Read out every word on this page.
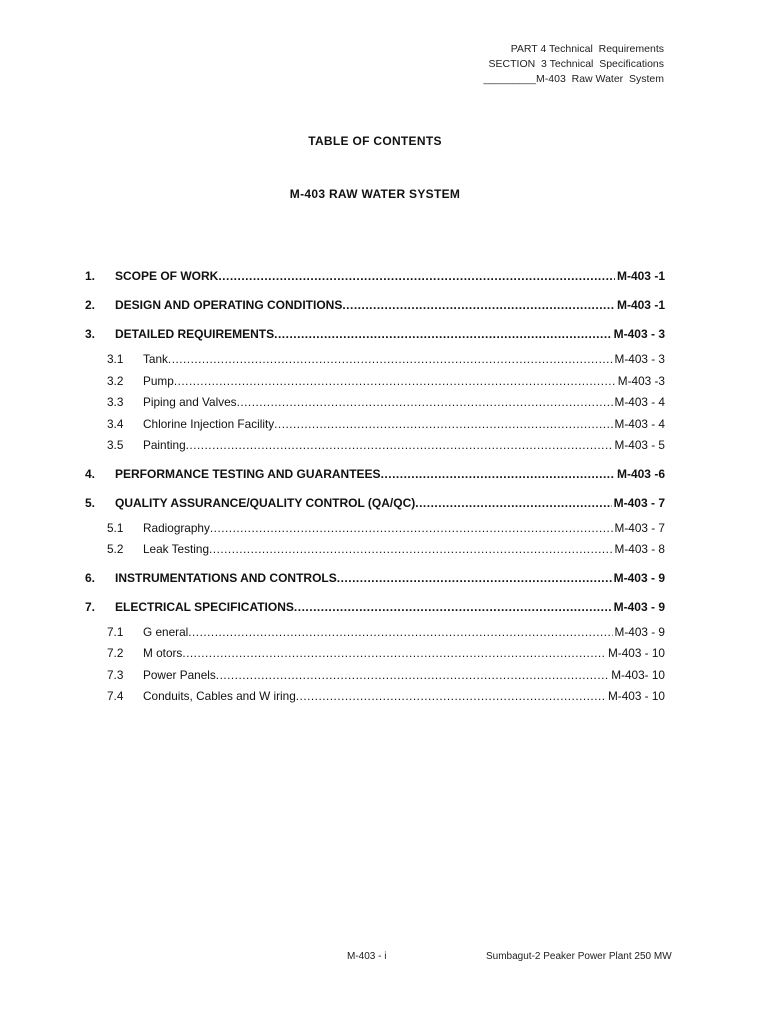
PART 4 Technical  Requirements
SECTION  3 Technical  Specifications
_________M-403  Raw Water  System
TABLE OF CONTENTS
M-403 RAW WATER SYSTEM
1. SCOPE OF WORK .....	M-403 -1
2. DESIGN AND OPERATING CONDITIONS .....	M-403 -1
3. DETAILED REQUIREMENTS .....	M-403 - 3
3.1 Tank .....	M-403 - 3
3.2 Pump .....	M-403 -3
3.3 Piping and Valves .....	M-403 - 4
3.4 Chlorine Injection Facility .....	M-403 - 4
3.5 Painting .....	M-403 - 5
4. PERFORMANCE TESTING AND GUARANTEES .....	M-403 -6
5. QUALITY ASSURANCE/QUALITY CONTROL (QA/QC) .....	M-403 - 7
5.1 Radiography .....	M-403 - 7
5.2 Leak Testing .....	M-403 - 8
6. INSTRUMENTATIONS AND CONTROLS .....	M-403 - 9
7. ELECTRICAL SPECIFICATIONS .....	M-403 - 9
7.1 G eneral .....	M-403 - 9
7.2 M otors .....	M-403 - 10
7.3 Power Panels .....	M-403- 10
7.4 Conduits, Cables and W iring .....	M-403 - 10
M-403 - i	Sumbagut-2 Peaker Power Plant 250 MW
